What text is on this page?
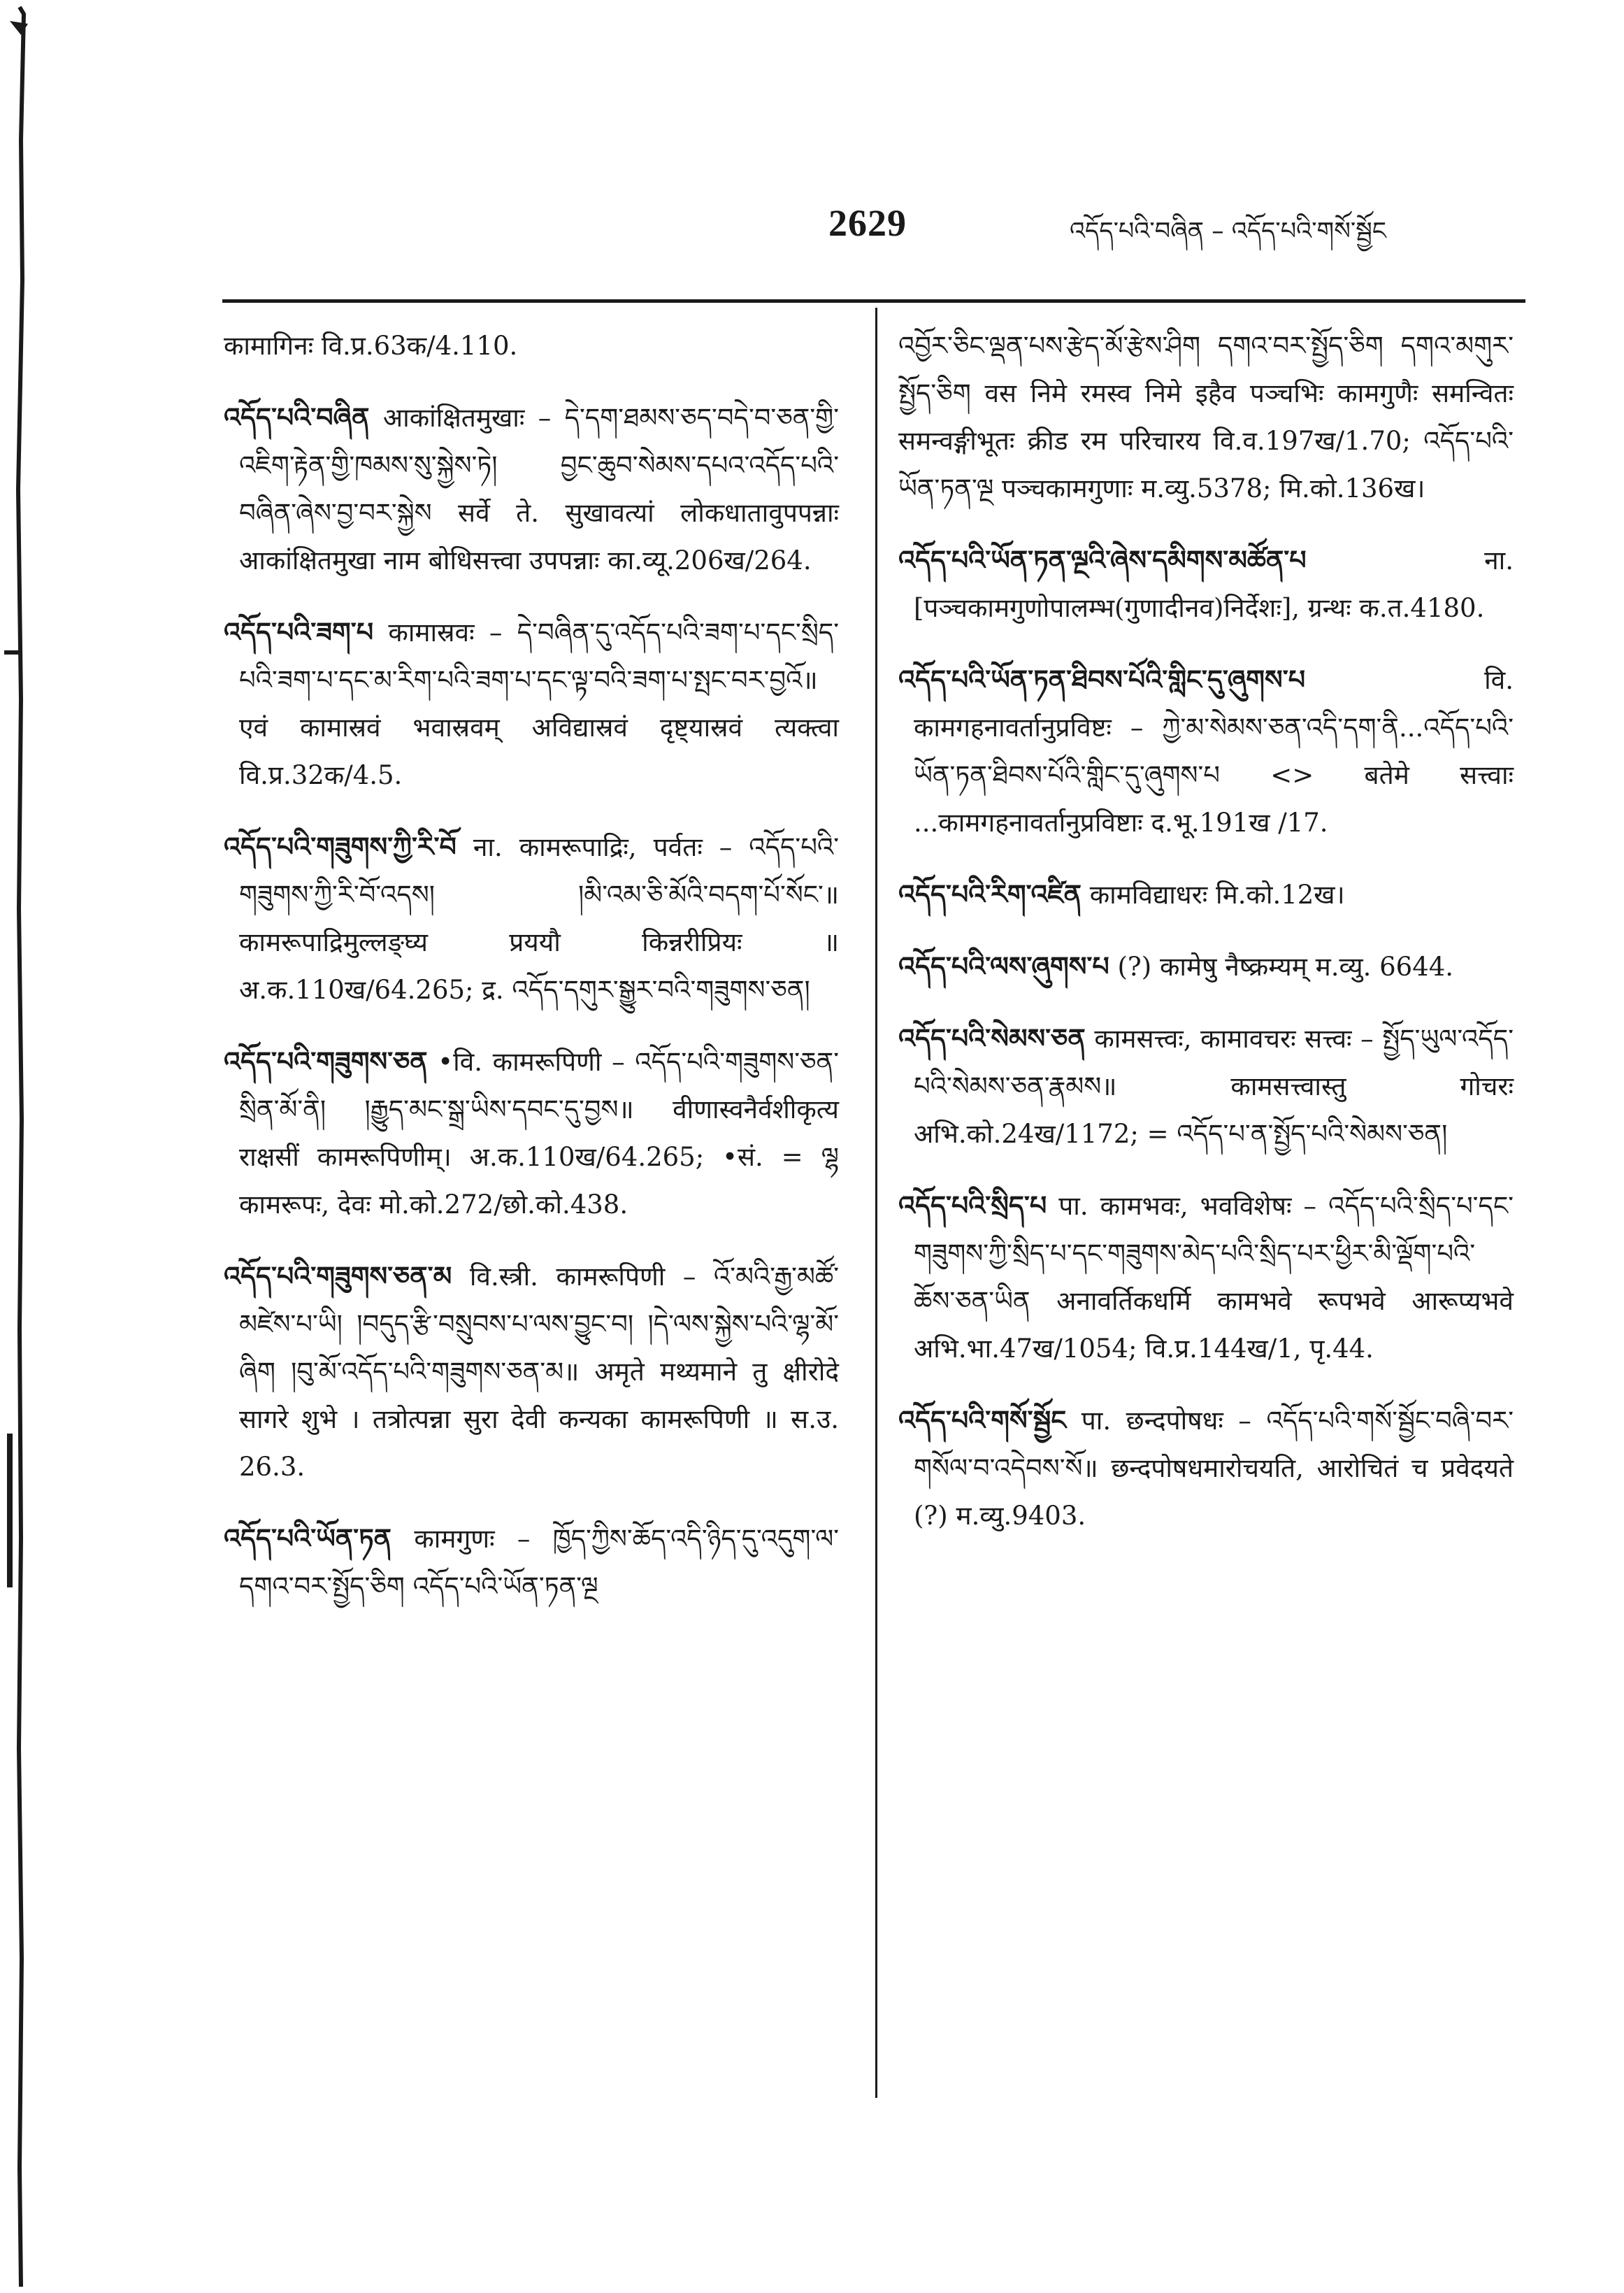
2629	འདོད་པའི་བཞིན – འདོད་པའི་གསོ་སྦྱོང

कामागिनः वि.प्र.63क/4.110.

འདོད་པའི་བཞིན आकांक्षितमुखाः – དེ་དག་ཐམས་ཅད་བདེ་བ་ཅན་གྱི་འཇིག་རྟེན་གྱི་ཁམས་སུ་སྐྱེས་ཏེ། བྱང་ཆུབ་སེམས་དཔའ་འདོད་པའི་བཞིན་ཞེས་བྱ་བར་སྐྱེས सर्वे ते. सुखावत्यां लोकधातावुपपन्नाः आकांक्षितमुखा नाम बोधिसत्त्वा उपपन्नाः का.व्यू.206ख/264.

འདོད་པའི་ཟག་པ कामास्रवः – དེ་བཞིན་དུ་འདོད་པའི་ཟག་པ་དང་སྲིད་པའི་ཟག་པ་དང་མ་རིག་པའི་ཟག་པ་དང་ལྟ་བའི་ཟག་པ་སྤང་བར་བྱའོ॥ एवं कामास्रवं भवास्रवम् अविद्यास्रवं दृष्ट्यास्रवं त्यक्त्वा वि.प्र.32क/4.5.

འདོད་པའི་གཟུགས་ཀྱི་རི་བོ ना. कामरूपाद्रिः, पर्वतः – འདོད་པའི་གཟུགས་ཀྱི་རི་བོ་འདས། །མི་འམ་ཅི་མོའི་བདག་པོ་སོང་॥ कामरूपाद्रिमुल्लङ्घ्य प्रययौ किन्नरीप्रियः ॥ अ.क.110ख/64.265; द्र. འདོད་དགུར་སྒྱུར་བའི་གཟུགས་ཅན།

འདོད་པའི་གཟུགས་ཅན •वि. कामरूपिणी – འདོད་པའི་གཟུགས་ཅན་སྲིན་མོ་ནི། །རྒྱུད་མང་སྒྲ་ཡིས་དབང་དུ་བྱས॥ वीणास्वनैर्वशीकृत्य राक्षसीं कामरूपिणीम्। अ.क.110ख/64.265; •सं. = ལྷ कामरूपः, देवः मो.को.272/छो.को.438.

འདོད་པའི་གཟུགས་ཅན་མ वि.स्त्री. कामरूपिणी – འོ་མའི་རྒྱ་མཚོ་མཛེས་པ་ཡི། །བདུད་རྩི་བསྲུབས་པ་ལས་བྱུང་བ། །དེ་ལས་སྐྱེས་པའི་ལྷ་མོ་ཞིག །བུ་མོ་འདོད་པའི་གཟུགས་ཅན་མ॥ अमृते मथ्यमाने तु क्षीरोदे सागरे शुभे । तत्रोत्पन्ना सुरा देवी कन्यका कामरूपिणी ॥ स.उ. 26.3.

འདོད་པའི་ཡོན་ཏན कामगुणः – ཁྱོད་ཀྱིས་ཆོད་འདི་ཉིད་དུ་འདུག་ལ་དགའ་བར་སྤྱོད་ཅིག འདོད་པའི་ཡོན་ཏན་ལྔ

འབྱོར་ཅིང་ལྡན་པས་རྩེད་མོ་རྩེས་ཤིག དགའ་བར་སྤྱོད་ཅིག དགའ་མགུར་སྤྱོད་ཅིག वस निमे रमस्व निमे इहैव पञ्चभिः कामगुणैः समन्वितः समन्वङ्गीभूतः क्रीड रम परिचारय वि.व.197ख/1.70; འདོད་པའི་ཡོན་ཏན་ལྔ पञ्चकामगुणाः म.व्यु.5378; मि.को.136ख।

འདོད་པའི་ཡོན་ཏན་ལྔའི་ཞེས་དམིགས་མཚོན་པ ना. [पञ्चकामगुणोपालम्भ(गुणादीनव)निर्देशः], ग्रन्थः क.त.4180.

འདོད་པའི་ཡོན་ཏན་ཐིབས་པོའི་གླིང་དུ་ཞུགས་པ वि. कामगहनावर्तानुप्रविष्टः – ཀྱེ་མ་སེམས་ཅན་འདི་དག་ནི...འདོད་པའི་ཡོན་ཏན་ཐིབས་པོའི་གླིང་དུ་ཞུགས་པ <> बतेमे सत्त्वाः ...कामगहनावर्तानुप्रविष्टाः द.भू.191ख /17.

འདོད་པའི་རིག་འཛིན कामविद्याधरः मि.को.12ख।

འདོད་པའི་ལས་ཞུགས་པ (?) कामेषु नैष्क्रम्यम् म.व्यु. 6644.

འདོད་པའི་སེམས་ཅན कामसत्त्वः, कामावचरः सत्त्वः – སྤྱོད་ཡུལ་འདོད་པའི་སེམས་ཅན་རྣམས॥ कामसत्त्वास्तु गोचरः अभि.को.24ख/1172; = འདོད་པ་ན་སྤྱོད་པའི་སེམས་ཅན།

འདོད་པའི་སྲིད་པ पा. कामभवः, भवविशेषः – འདོད་པའི་སྲིད་པ་དང་གཟུགས་ཀྱི་སྲིད་པ་དང་གཟུགས་མེད་པའི་སྲིད་པར་ཕྱིར་མི་ལྡོག་པའི་ཆོས་ཅན་ཡིན अनावर्तिकधर्मि कामभवे रूपभवे आरूप्यभवे अभि.भा.47ख/1054; वि.प्र.144ख/1, पृ.44.

འདོད་པའི་གསོ་སྦྱོང पा. छन्दपोषधः – འདོད་པའི་གསོ་སྦྱོང་བཞི་བར་གསོལ་བ་འདེབས་སོ॥ छन्दपोषधमारोचयति, आरोचितं च प्रवेदयते (?) म.व्यु.9403.
